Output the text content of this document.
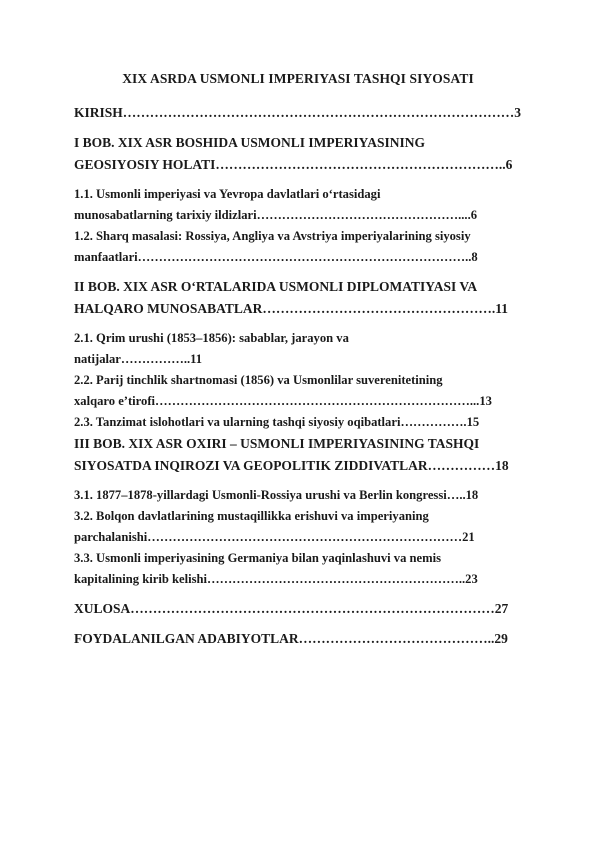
XIX ASRDA USMONLI IMPERIYASI TASHQI SIYOSATI
KIRISH……………………………………………………………………………3
I BOB. XIX ASR BOSHIDA USMONLI IMPERIYASINING
GEOSIYOSIY HOLATI………………………………………………………..6
1.1. Usmonli imperiyasi va Yevropa davlatlari o‘rtasidagi
munosabatlarning tarixiy ildizlari…………………………………………....6
1.2. Sharq masalasi: Rossiya, Angliya va Avstriya imperiyalarining siyosiy
manfaatlari……………………………………………………………………..8
II BOB. XIX ASR O‘RTALARIDA USMONLI DIPLOMATIYASI VA
HALQARO MUNOSABATLAR…………………………………………….11
2.1. Qrim urushi (1853–1856): sabablar, jarayon va
natijalar……………..11
2.2. Parij tinchlik shartnomasi (1856) va Usmonlilar suverenitetining
xalqaro e’tirofi…………………………………………………………………...13
2.3. Tanzimat islohotlari va ularning tashqi siyosiy oqibatlari…………….15
III BOB. XIX ASR OXIRI – USMONLI IMPERIYASINING TASHQI
SIYOSATDA INQIROZI VA GEOPOLITIK ZIDDIVATLAR……………18
3.1. 1877–1878-yillardagi Usmonli-Rossiya urushi va Berlin kongressi…..18
3.2. Bolqon davlatlarining mustaqillikka erishuvi va imperiyaning
parchalanishi…………………………………………………………………21
3.3. Usmonli imperiyasining Germaniya bilan yaqinlashuvi va nemis
kapitalining kirib kelishi……………………………………………………..23
XULOSA………………………………………………………………………27
FOYDALANILGAN ADABIYOTLAR……………………………………..29
